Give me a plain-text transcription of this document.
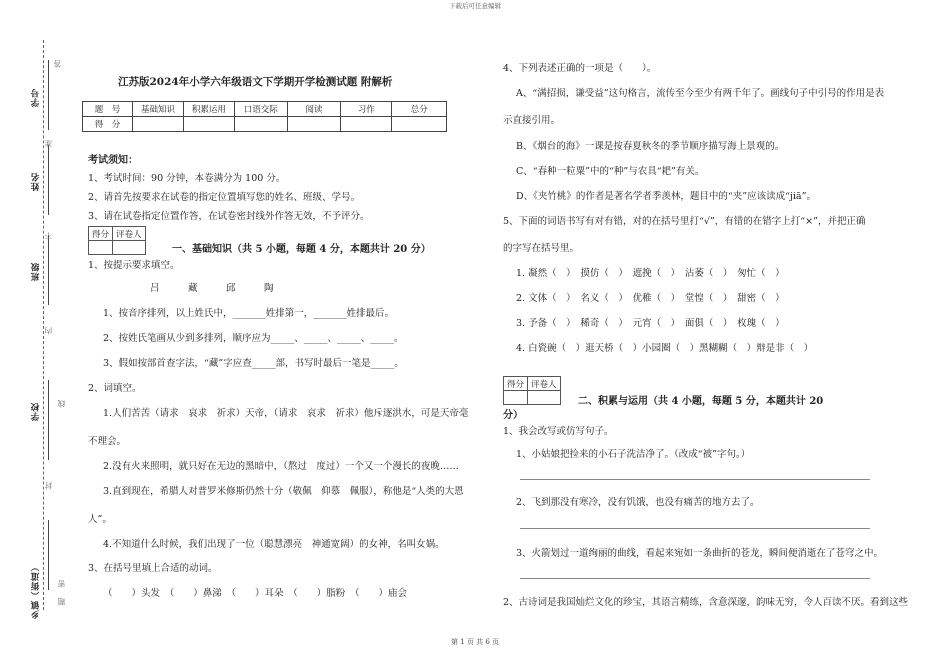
下载后可任意编辑
学号
姓名
班级
学校
乡镇（街道）
答
准
不
内
线
封
密
题
江苏版2024年小学六年级语文下学期开学检测试题 附解析
题　号	基础知识	积累运用	口语交际	阅读	习作	总分
得　分						
考试须知：
1、考试时间：90 分钟，本卷满分为 100 分。
2、请首先按要求在试卷的指定位置填写您的姓名、班级、学号。
3、请在试卷指定位置作答，在试卷密封线外作答无效，不予评分。
得分	评卷人

一、基础知识（共 5 小题，每题 4 分，本题共计 20 分）
1、按提示要求填空。
吕　　　藏　　　邱　　　陶
1、按音序排列，以上姓氏中，_______姓排第一，_______姓排最后。
2、按姓氏笔画从少到多排列，顺序应为_____、_____、_____、_____。
3、假如按部首查字法，“藏”字应查_____部，书写时最后一笔是_____。
2、词填空。
1.人们苦苦（请求　哀求　祈求）天帝，（请求　哀求　祈求）他斥逐洪水，可是天帝毫
不理会。
2.没有火来照明，就只好在无边的黑暗中，（熬过　度过）一个又一个漫长的夜晚……
3.直到现在，希腊人对普罗米修斯仍然十分（敬佩　仰慕　佩服），称他是“人类的大恩
人”。
4.不知道什么时候，我们出现了一位（聪慧漂亮　神通宽阔）的女神，名叫女娲。
3、在括号里填上合适的动词。
（　　）头发　（　　）鼻涕　（　　）耳朵　（　　）脂粉　（　　）庙会
4、下列表述正确的一项是（　　）。
A、“满招损，谦受益”这句格言，流传至今至少有两千年了。画线句子中引号的作用是表
示直接引用。
B、《烟台的海》一课是按春夏秋冬的季节顺序描写海上景观的。
C、“春种一粒粟”中的“种”与农具“耙”有关。
D、《夹竹桃》的作者是著名学者季羡林，题目中的“夹”应该读成“jiā”。
5、下面的词语书写有对有错，对的在括号里打“√”，有错的在错字上打“×”，并把正确
的字写在括号里。
1. 凝然（　）　摸仿（　）　遮挽（　）　沾萎（　）　匆忙（　）
2. 文体（　）　名义（　）　优稚（　）　堂惶（　）　甜密（　）
3. 予备（　）　稀奇（　）　元宵（　）　面俱（　）　枚瑰（　）
4. 白瓷碗（　）逛天桥（　）小园圈（　）黑糊糊（　）辩是非（　）
得分	评卷人

二、积累与运用（共 4 小题，每题 5 分，本题共计 20
分）
1、我会改写或仿写句子。
1、小姑娘把捡来的小石子洗洁净了。（改成“被”字句。）
2、飞到那没有寒冷，没有饥饿，也没有痛苦的地方去了。
3、火箭划过一道绚丽的曲线，看起来宛如一条曲折的苍龙，瞬间便消逝在了苍穹之中。
2、古诗词是我国灿烂文化的珍宝，其语言精练，含意深邃，韵味无穷，令人百读不厌。看到这些
第 1 页 共 6 页
